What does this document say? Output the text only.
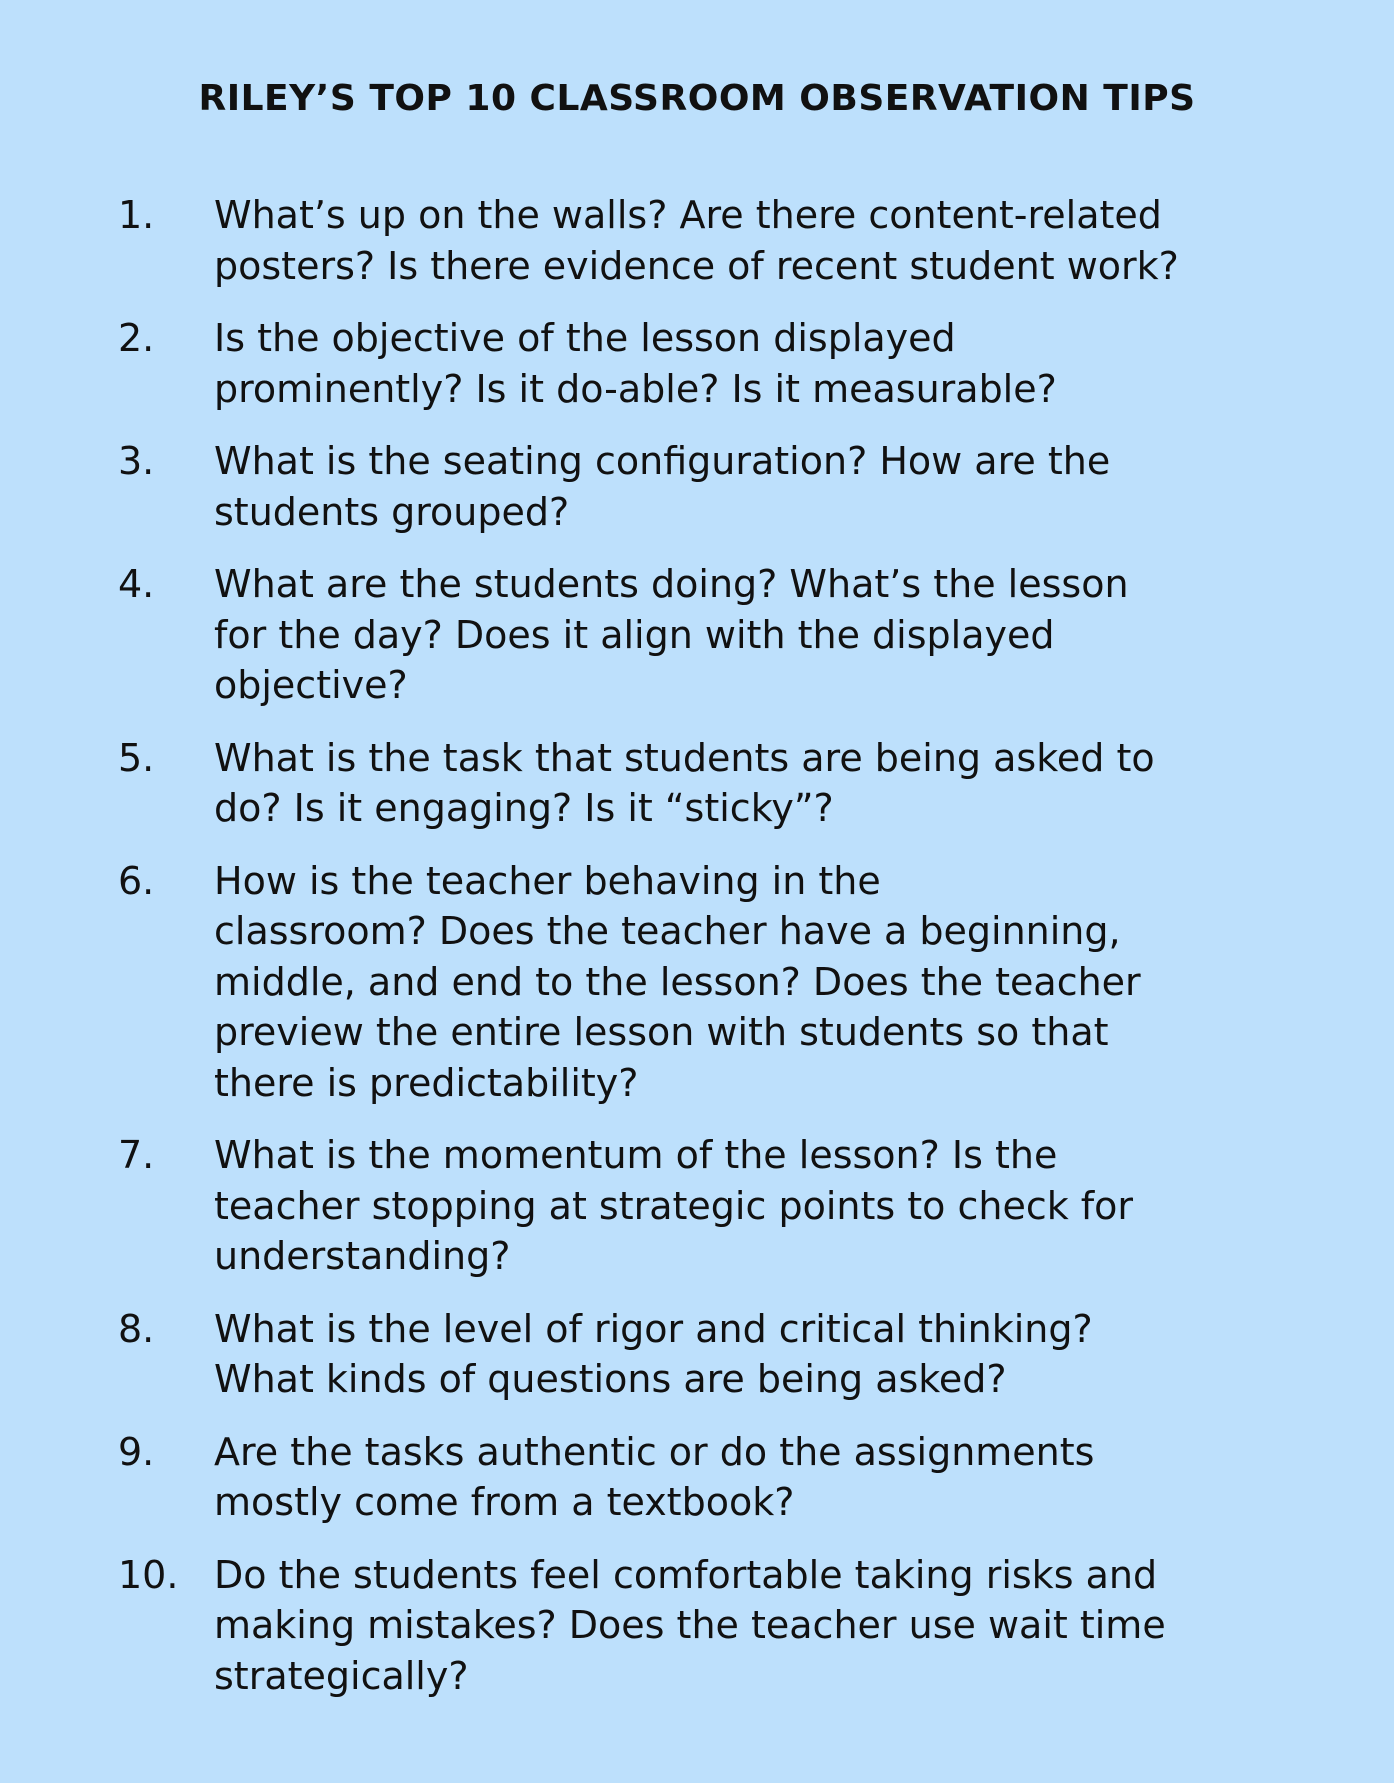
RILEY’S TOP 10 CLASSROOM OBSERVATION TIPS
1.	What’s up on the walls? Are there content-related
posters? Is there evidence of recent student work?
2.	Is the objective of the lesson displayed
prominently? Is it do-able? Is it measurable?
3.	What is the seating configuration? How are the
students grouped?
4.	What are the students doing? What’s the lesson
for the day? Does it align with the displayed
objective?
5.	What is the task that students are being asked to
do? Is it engaging? Is it “sticky”?
6.	How is the teacher behaving in the
classroom? Does the teacher have a beginning,
middle, and end to the lesson? Does the teacher
preview the entire lesson with students so that
there is predictability?
7.	What is the momentum of the lesson? Is the
teacher stopping at strategic points to check for
understanding?
8.	What is the level of rigor and critical thinking?
What kinds of questions are being asked?
9.	Are the tasks authentic or do the assignments
mostly come from a textbook?
10. Do the students feel comfortable taking risks and
making mistakes? Does the teacher use wait time
strategically?
